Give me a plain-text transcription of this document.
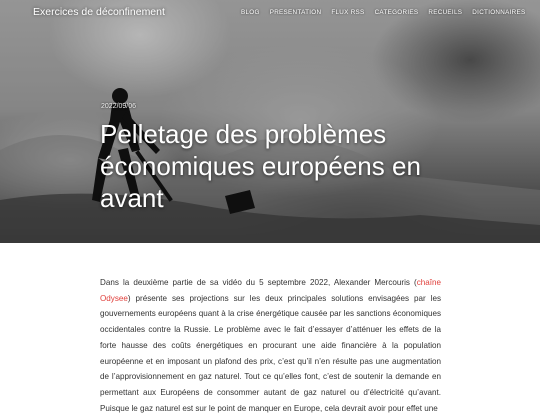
Exercices de déconfinement	BLOG PRESENTATION FLUX RSS CATEGORIES RECUEILS DICTIONNAIRES
2022/09/06
Pelletage des problèmes économiques européens en avant
Dans la deuxième partie de sa vidéo du 5 septembre 2022, Alexander Mercouris (chaîne Odysee) présente ses projections sur les deux principales solutions envisagées par les gouvernements européens quant à la crise énergétique causée par les sanctions économiques occidentales contre la Russie. Le problème avec le fait d’essayer d’atténuer les effets de la forte hausse des coûts énergétiques en procurant une aide financière à la population européenne et en imposant un plafond des prix, c’est qu’il n’en résulte pas une augmentation de l’approvisionnement en gaz naturel. Tout ce qu’elles font, c’est de soutenir la demande en permettant aux Européens de consommer autant de gaz naturel ou d’électricité qu’avant. Puisque le gaz naturel est sur le point de manquer en Europe, cela devrait avoir pour effet une
